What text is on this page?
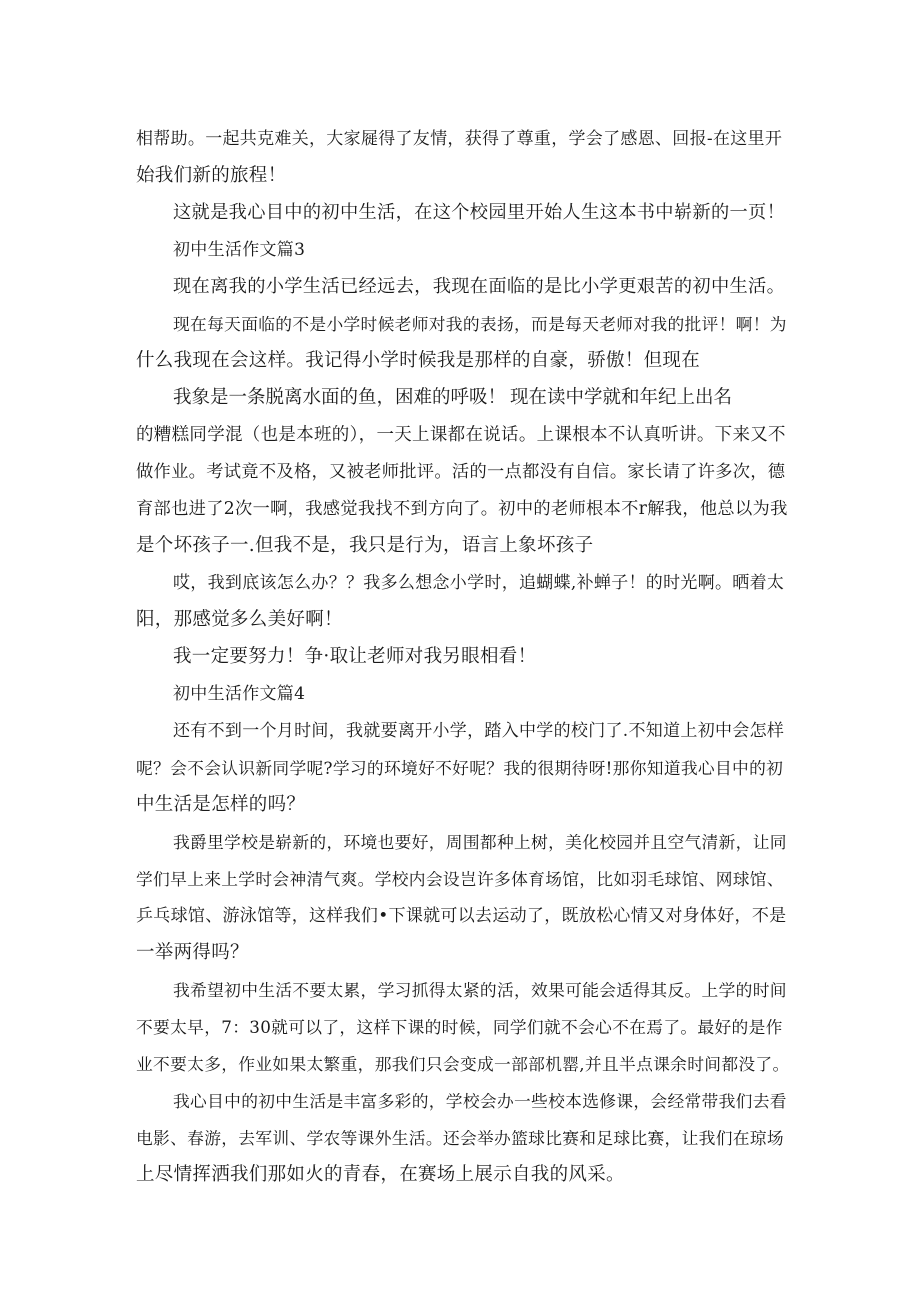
相帮助。一起共克难关，大家屣得了友情，获得了尊重，学会了感恩、回报-在这里开
始我们新的旅程！
这就是我心目中的初中生活，在这个校园里开始人生这本书中崭新的一页！
初中生活作文篇3
现在离我的小学生活已经远去，我现在面临的是比小学更艰苦的初中生活。
现在每天面临的不是小学时候老师对我的表扬，而是每天老师对我的批评！啊！为
什么我现在会这样。我记得小学时候我是那样的自豪，骄傲！但现在
我象是一条脱离水面的鱼，困难的呼吸！ 现在读中学就和年纪上出名
的糟糕同学混（也是本班的），一天上课都在说话。上课根本不认真听讲。下来又不
做作业。考试竟不及格，又被老师批评。活的一点都没有自信。家长请了许多次，德
育部也进了2次一啊，我感觉我找不到方向了。初中的老师根本不r解我，他总以为我
是个坏孩子一.但我不是，我只是行为，语言上象坏孩子
哎，我到底该怎么办？？我多么想念小学时，追蝴蝶,补蝉子！的时光啊。晒着太
阳，那感觉多么美好啊！
我一定要努力！争·取让老师对我另眼相看！
初中生活作文篇4
还有不到一个月时间，我就要离开小学，踏入中学的校门了.不知道上初中会怎样
呢？会不会认识新同学呢?学习的环境好不好呢？我的很期待呀!那你知道我心目中的初
中生活是怎样的吗？
我爵里学校是崭新的，环境也要好，周围都种上树，美化校园并且空气清新，让同
学们早上来上学时会神清气爽。学校内会设岂许多体育场馆，比如羽毛球馆、网球馆、
乒乓球馆、游泳馆等，这样我们•下课就可以去运动了，既放松心情又对身体好，不是
一举两得吗？
我希望初中生活不要太累，学习抓得太紧的活，效果可能会适得其反。上学的时间
不要太早，7：30就可以了，这样下课的时候，同学们就不会心不在焉了。最好的是作
业不要太多，作业如果太繁重，那我们只会变成一部部机罂,并且半点课余时间都没了。
我心目中的初中生活是丰富多彩的，学校会办一些校本选修课，会经常带我们去看
电影、春游，去军训、学农等课外生活。还会举办篮球比赛和足球比赛，让我们在琼场
上尽情挥洒我们那如火的青春，在赛场上展示自我的风采。
